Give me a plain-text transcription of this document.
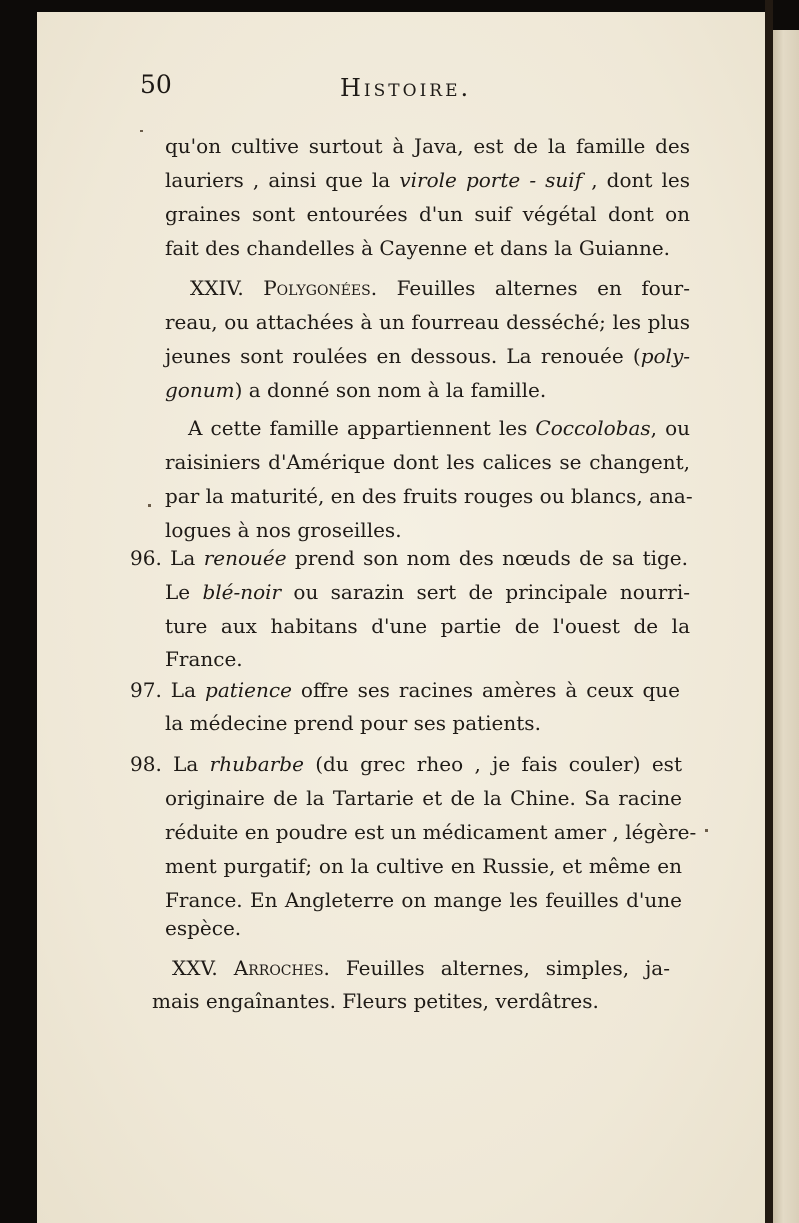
50	Histoire.
qu'on cultive surtout à Java, est de la famille des
lauriers , ainsi que la virole porte - suif , dont les
graines sont entourées d'un suif végétal dont on
fait des chandelles à Cayenne et dans la Guianne.
XXIV. Polygonées. Feuilles alternes en four-
reau, ou attachées à un fourreau desséché; les plus
jeunes sont roulées en dessous. La renouée (poly-
gonum) a donné son nom à la famille.
A cette famille appartiennent les Coccolobas, ou
raisiniers d'Amérique dont les calices se changent,
par la maturité, en des fruits rouges ou blancs, ana-
logues à nos groseilles.
96. La renouée prend son nom des nœuds de sa tige.
Le blé-noir ou sarazin sert de principale nourri-
ture aux habitans d'une partie de l'ouest de la
France.
97. La patience offre ses racines amères à ceux que
la médecine prend pour ses patients.
98. La rhubarbe (du grec rheo , je fais couler) est
originaire de la Tartarie et de la Chine. Sa racine
réduite en poudre est un médicament amer , légère-
ment purgatif; on la cultive en Russie, et même en
France. En Angleterre on mange les feuilles d'une
espèce.
XXV. Arroches. Feuilles alternes, simples, ja-
mais engaînantes. Fleurs petites, verdâtres.
